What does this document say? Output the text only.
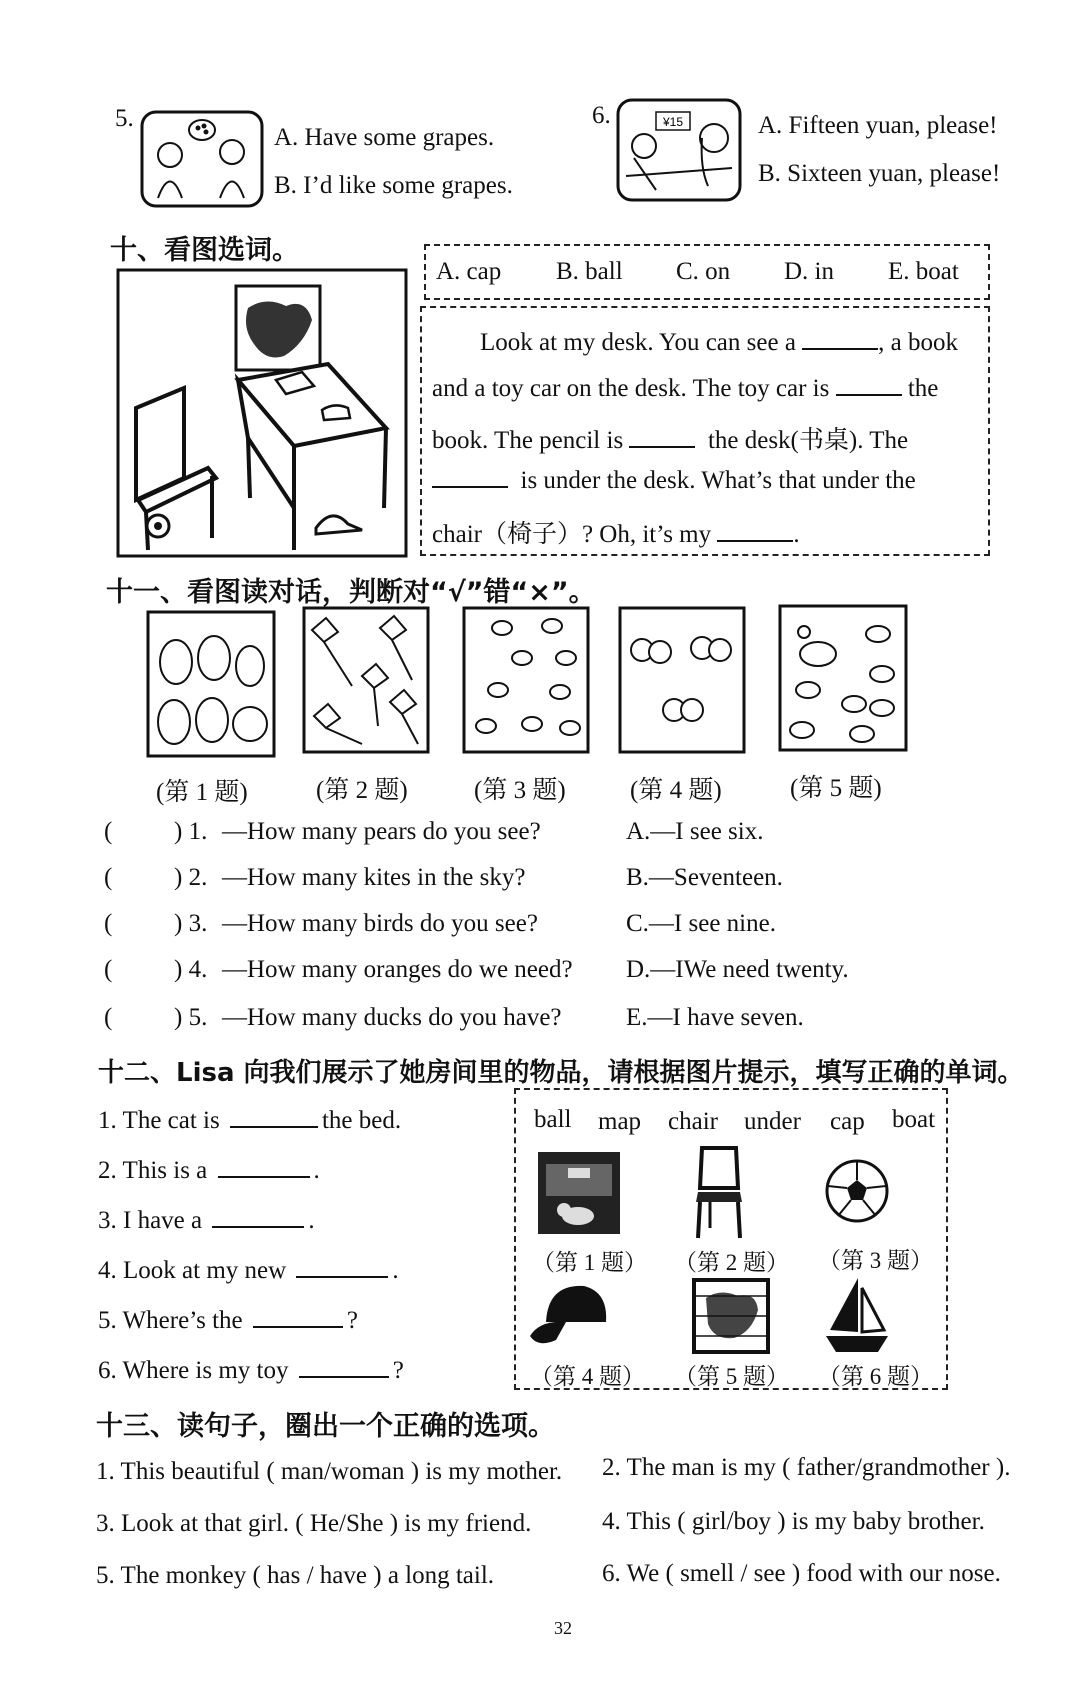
5.
A. Have some grapes.
B. I’d like some grapes.
6.	¥15	A. Fifteen yuan, please!
B. Sixteen yuan, please!
十、看图选词。
A. cap B. ball C. on D. in E. boat
Look at my desk. You can see a	, a book
and a toy car on the desk. The toy car is	the
book. The pencil is	the desk(书桌). The
is under the desk. What’s that under the
chair（椅子）? Oh, it’s my	.
十一、看图读对话，判断对“√”错“×”。
(第 1 题)	(第 2 题)	(第 3 题)	(第 4 题)	(第 5 题)
( ) 1. —How many pears do you see?	A.—I see six.
( ) 2. —How many kites in the sky?	B.—Seventeen.
( ) 3. —How many birds do you see?	C.—I see nine.
( ) 4. —How many oranges do we need? D.—IWe need twenty.
( ) 5. —How many ducks do you have?	E.—I have seven.
十二、Lisa 向我们展示了她房间里的物品，请根据图片提示，填写正确的单词。
1. The cat is	the bed.
2. This is a	.
3. I have a	.
4. Look at my new	.
5. Where’s the	?
6. Where is my toy	?
ball map chair under cap boat
（第 1 题） （第 2 题） （第 3 题）
（第 4 题） （第 5 题） （第 6 题）
十三、读句子，圈出一个正确的选项。
1. This beautiful ( man/woman ) is my mother. 2. The man is my ( father/grandmother ).
3. Look at that girl. ( He/She ) is my friend.	4. This ( girl/boy ) is my baby brother.
5. The monkey ( has / have ) a long tail.	6. We ( smell / see ) food with our nose.
32
